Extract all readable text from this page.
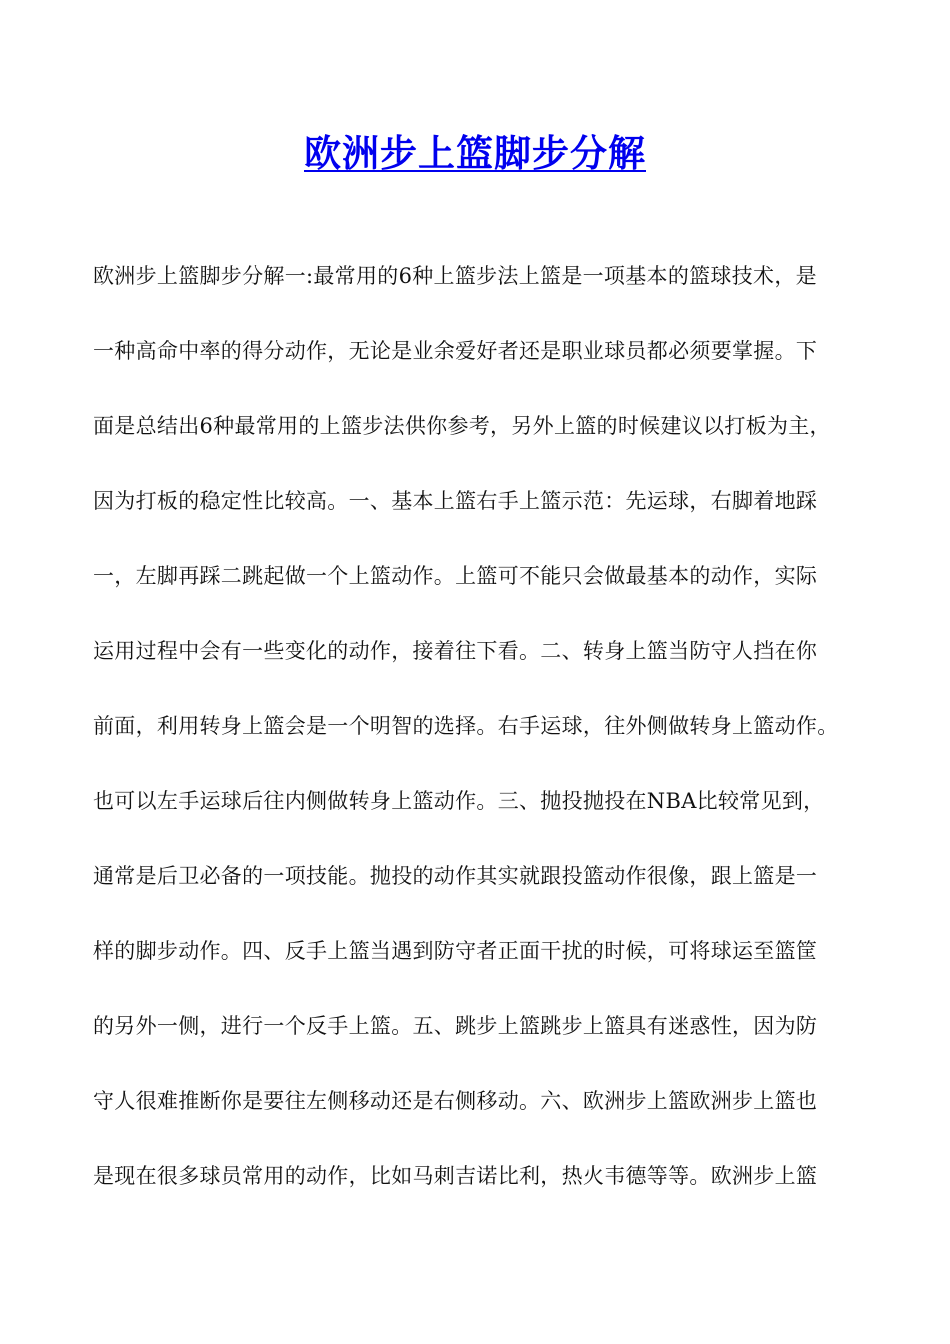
欧洲步上篮脚步分解
欧洲步上篮脚步分解一:最常用的6种上篮步法上篮是一项基本的篮球技术，是
一种高命中率的得分动作，无论是业余爱好者还是职业球员都必须要掌握。下
面是总结出6种最常用的上篮步法供你参考，另外上篮的时候建议以打板为主，
因为打板的稳定性比较高。一、基本上篮右手上篮示范：先运球，右脚着地踩
一，左脚再踩二跳起做一个上篮动作。上篮可不能只会做最基本的动作，实际
运用过程中会有一些变化的动作，接着往下看。二、转身上篮当防守人挡在你
前面，利用转身上篮会是一个明智的选择。右手运球，往外侧做转身上篮动作。
也可以左手运球后往内侧做转身上篮动作。三、抛投抛投在NBA比较常见到，
通常是后卫必备的一项技能。抛投的动作其实就跟投篮动作很像，跟上篮是一
样的脚步动作。四、反手上篮当遇到防守者正面干扰的时候，可将球运至篮筐
的另外一侧，进行一个反手上篮。五、跳步上篮跳步上篮具有迷惑性，因为防
守人很难推断你是要往左侧移动还是右侧移动。六、欧洲步上篮欧洲步上篮也
是现在很多球员常用的动作，比如马刺吉诺比利，热火韦德等等。欧洲步上篮
